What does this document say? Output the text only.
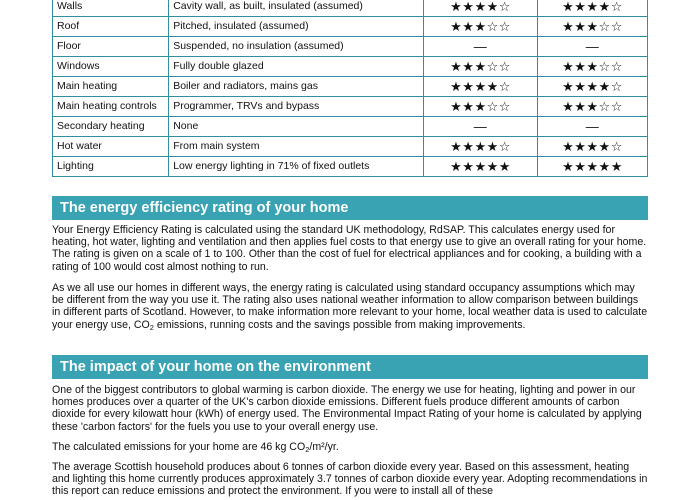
Walls	Cavity wall, as built, insulated (assumed)	★★★★☆	★★★★☆
Roof	Pitched, insulated (assumed)	★★★☆☆	★★★☆☆
Floor	Suspended, no insulation (assumed)	—	—
Windows	Fully double glazed	★★★☆☆	★★★☆☆
Main heating	Boiler and radiators, mains gas	★★★★☆	★★★★☆
Main heating controls	Programmer, TRVs and bypass	★★★☆☆	★★★☆☆
Secondary heating	None	—	—
Hot water	From main system	★★★★☆	★★★★☆
Lighting	Low energy lighting in 71% of fixed outlets	★★★★★	★★★★★
The energy efficiency rating of your home

Your Energy Efficiency Rating is calculated using the standard UK methodology, RdSAP. This calculates energy used for heating, hot water, lighting and ventilation and then applies fuel costs to that energy use to give an overall rating for your home. The rating is given on a scale of 1 to 100. Other than the cost of fuel for electrical appliances and for cooking, a building with a rating of 100 would cost almost nothing to run.

As we all use our homes in different ways, the energy rating is calculated using standard occupancy assumptions which may be different from the way you use it. The rating also uses national weather information to allow comparison between buildings in different parts of Scotland. However, to make information more relevant to your home, local weather data is used to calculate your energy use, $CO_2$ emissions, running costs and the savings possible from making improvements.

The impact of your home on the environment

One of the biggest contributors to global warming is carbon dioxide. The energy we use for heating, lighting and power in our homes produces over a quarter of the UK's carbon dioxide emissions. Different fuels produce different amounts of carbon dioxide for every kilowatt hour (kWh) of energy used. The Environmental Impact Rating of your home is calculated by applying these 'carbon factors' for the fuels you use to your overall energy use.

The calculated emissions for your home are 46 kg $CO_2/m^2/yr$.

The average Scottish household produces about 6 tonnes of carbon dioxide every year. Based on this assessment, heating and lighting this home currently produces approximately 3.7 tonnes of carbon dioxide every year. Adopting recommendations in this report can reduce emissions and protect the environment. If you were to install all of these
